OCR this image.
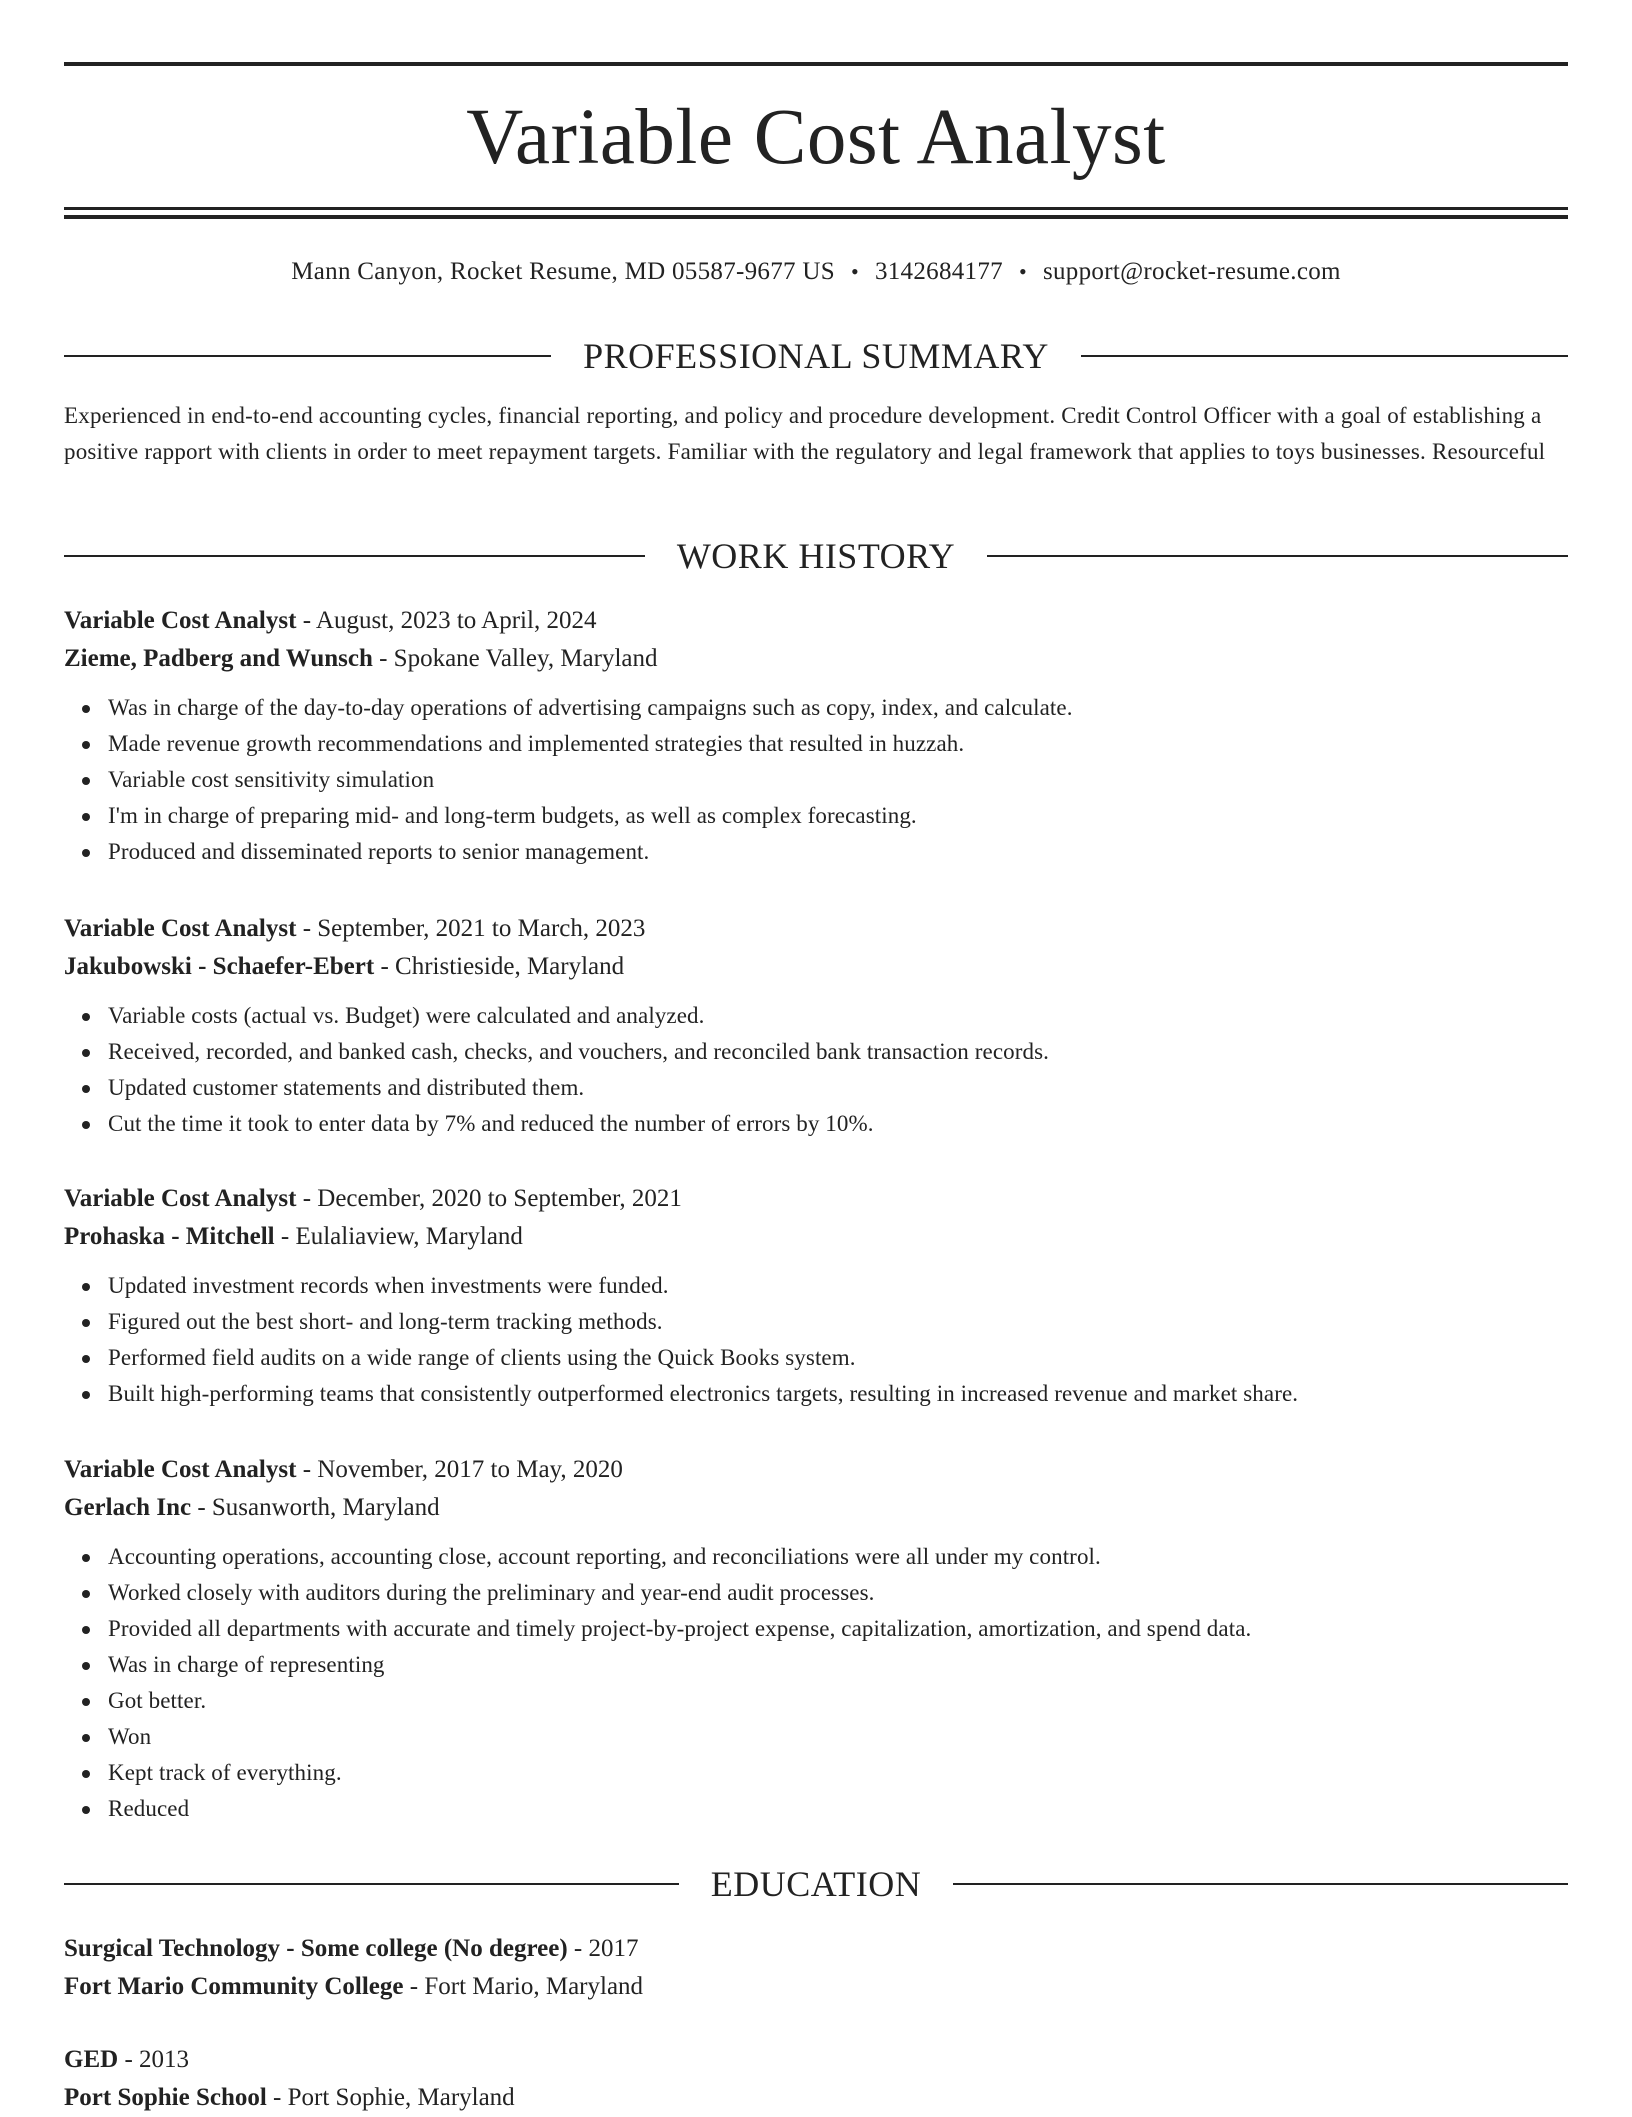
Variable Cost Analyst
Mann Canyon, Rocket Resume, MD 05587-9677 US • 3142684177 • support@rocket-resume.com
PROFESSIONAL SUMMARY
Experienced in end-to-end accounting cycles, financial reporting, and policy and procedure development. Credit Control Officer with a goal of establishing a positive rapport with clients in order to meet repayment targets. Familiar with the regulatory and legal framework that applies to toys businesses. Resourceful
WORK HISTORY
Variable Cost Analyst - August, 2023 to April, 2024
Zieme, Padberg and Wunsch - Spokane Valley, Maryland
Was in charge of the day-to-day operations of advertising campaigns such as copy, index, and calculate.
Made revenue growth recommendations and implemented strategies that resulted in huzzah.
Variable cost sensitivity simulation
I'm in charge of preparing mid- and long-term budgets, as well as complex forecasting.
Produced and disseminated reports to senior management.
Variable Cost Analyst - September, 2021 to March, 2023
Jakubowski - Schaefer-Ebert - Christieside, Maryland
Variable costs (actual vs. Budget) were calculated and analyzed.
Received, recorded, and banked cash, checks, and vouchers, and reconciled bank transaction records.
Updated customer statements and distributed them.
Cut the time it took to enter data by 7% and reduced the number of errors by 10%.
Variable Cost Analyst - December, 2020 to September, 2021
Prohaska - Mitchell - Eulaliaview, Maryland
Updated investment records when investments were funded.
Figured out the best short- and long-term tracking methods.
Performed field audits on a wide range of clients using the Quick Books system.
Built high-performing teams that consistently outperformed electronics targets, resulting in increased revenue and market share.
Variable Cost Analyst - November, 2017 to May, 2020
Gerlach Inc - Susanworth, Maryland
Accounting operations, accounting close, account reporting, and reconciliations were all under my control.
Worked closely with auditors during the preliminary and year-end audit processes.
Provided all departments with accurate and timely project-by-project expense, capitalization, amortization, and spend data.
Was in charge of representing
Got better.
Won
Kept track of everything.
Reduced
EDUCATION
Surgical Technology - Some college (No degree) - 2017
Fort Mario Community College - Fort Mario, Maryland
GED - 2013
Port Sophie School - Port Sophie, Maryland
